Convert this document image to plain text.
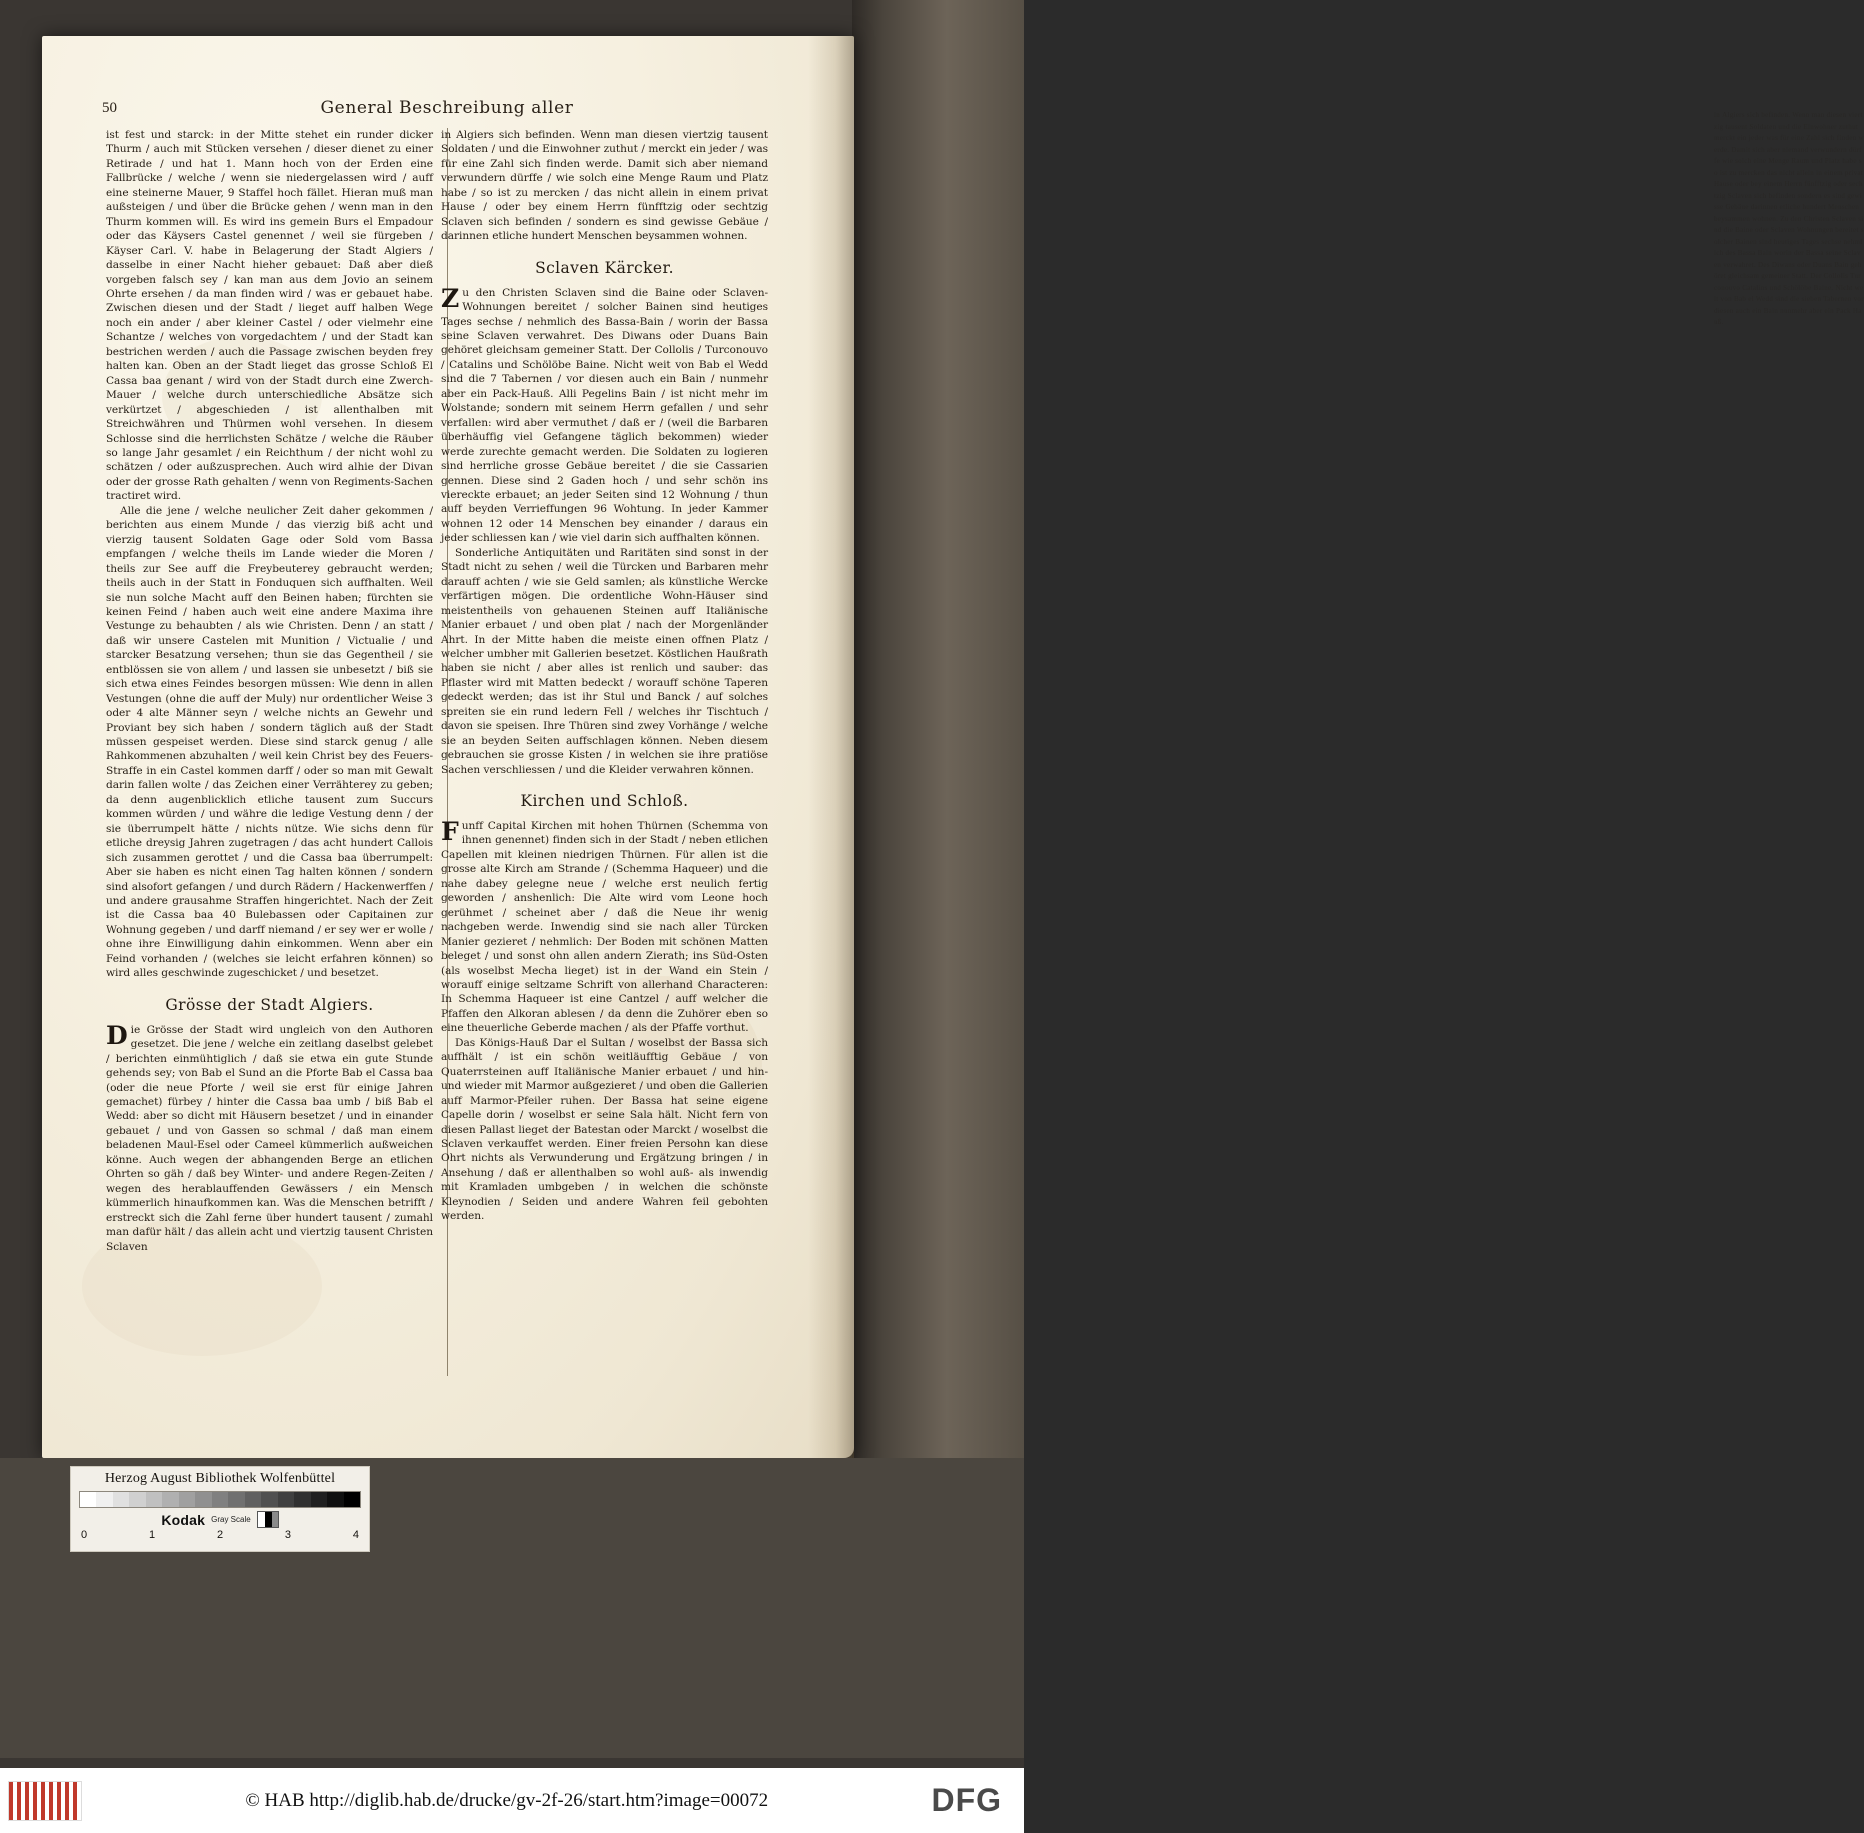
in Algiers sich befinden. Wenn man diesen viertzig tausent Soldaten und die Einwohner zuthut merckt ein jeder was für eine Zahl sich finden werde. Damit sich aber niemand verwundern dürffe wie solch eine Menge Raum und Platz habe so ist zu mercken das nicht allein in einem privat Hause oder bey einem Herrn fünfftzig oder sechtzig Sclaven sich befinden sondern es sind gewisse Gebäue darinnen etliche hundert Menschen beysammen wohnen. Zu den Christen Sclaven sind die Baine oder Sclaven Wohnungen bereitet solcher Bainen sind heutiges Tages sechse nehmlich des Bassa Bain worin der Bassa seine Sclaven verwahret. Des Diwans oder Duans Bain gehöret gleichsam gemeiner Statt. Der Collolis Turconouvo Catalins und Schölöbe Baine. Nicht weit von Bab el Wedd sind die sieben Tabernen vor diesen auch ein Bain nunmehr aber ein Pack Hauß.
50	General Beschreibung aller

ist fest und starck: in der Mitte stehet ein runder dicker Thurm / auch mit Stücken versehen / dieser dienet zu einer Retirade / und hat 1. Mann hoch von der Erden eine Fallbrücke / welche / wenn sie niedergelassen wird / auff eine steinerne Mauer, 9 Staffel hoch fället. Hieran muß man außsteigen / und über die Brücke gehen / wenn man in den Thurm kommen will. Es wird ins gemein Burs el Empadour oder das Käysers Castel genennet / weil sie fürgeben / Käyser Carl. V. habe in Belagerung der Stadt Algiers / dasselbe in einer Nacht hieher gebauet: Daß aber dieß vorgeben falsch sey / kan man aus dem Jovio an seinem Ohrte ersehen / da man finden wird / was er gebauet habe. Zwischen diesen und der Stadt / lieget auff halben Wege noch ein ander / aber kleiner Castel / oder vielmehr eine Schantze / welches von vorgedachtem / und der Stadt kan bestrichen werden / auch die Passage zwischen beyden frey halten kan. Oben an der Stadt lieget das grosse Schloß El Cassa baa genant / wird von der Stadt durch eine Zwerch-Mauer / welche durch unterschiedliche Absätze sich verkürtzet / abgeschieden / ist allenthalben mit Streichwähren und Thürmen wohl versehen. In diesem Schlosse sind die herrlichsten Schätze / welche die Räuber so lange Jahr gesamlet / ein Reichthum / der nicht wohl zu schätzen / oder außzusprechen. Auch wird alhie der Divan oder der grosse Rath gehalten / wenn von Regiments-Sachen tractiret wird.

Alle die jene / welche neulicher Zeit daher gekommen / berichten aus einem Munde / das vierzig biß acht und vierzig tausent Soldaten Gage oder Sold vom Bassa empfangen / welche theils im Lande wieder die Moren / theils zur See auff die Freybeuterey gebraucht werden; theils auch in der Statt in Fonduquen sich auffhalten. Weil sie nun solche Macht auff den Beinen haben; fürchten sie keinen Feind / haben auch weit eine andere Maxima ihre Vestunge zu behaubten / als wie Christen. Denn / an statt / daß wir unsere Castelen mit Munition / Victualie / und starcker Besatzung versehen; thun sie das Gegentheil / sie entblössen sie von allem / und lassen sie unbesetzt / biß sie sich etwa eines Feindes besorgen müssen: Wie denn in allen Vestungen (ohne die auff der Muly) nur ordentlicher Weise 3 oder 4 alte Männer seyn / welche nichts an Gewehr und Proviant bey sich haben / sondern täglich auß der Stadt müssen gespeiset werden. Diese sind starck genug / alle Rahkommenen abzuhalten / weil kein Christ bey des Feuers-Straffe in ein Castel kommen darff / oder so man mit Gewalt darin fallen wolte / das Zeichen einer Verrähterey zu geben; da denn augenblicklich etliche tausent zum Succurs kommen würden / und währe die ledige Vestung denn / der sie überrumpelt hätte / nichts nütze. Wie sichs denn für etliche dreysig Jahren zugetragen / das acht hundert Callois sich zusammen gerottet / und die Cassa baa überrumpelt: Aber sie haben es nicht einen Tag halten können / sondern sind alsofort gefangen / und durch Rädern / Hackenwerffen / und andere grausahme Straffen hingerichtet. Nach der Zeit ist die Cassa baa 40 Bulebassen oder Capitainen zur Wohnung gegeben / und darff niemand / er sey wer er wolle / ohne ihre Einwilligung dahin einkommen. Wenn aber ein Feind vorhanden / (welches sie leicht erfahren können) so wird alles geschwinde zugeschicket / und besetzet.

Grösse der Stadt Algiers.

Die Grösse der Stadt wird ungleich von den Authoren gesetzet. Die jene / welche ein zeitlang daselbst gelebet / berichten einmühtiglich / daß sie etwa ein gute Stunde gehends sey; von Bab el Sund an die Pforte Bab el Cassa baa (oder die neue Pforte / weil sie erst für einige Jahren gemachet) fürbey / hinter die Cassa baa umb / biß Bab el Wedd: aber so dicht mit Häusern besetzet / und in einander gebauet / und von Gassen so schmal / daß man einem beladenen Maul-Esel oder Cameel kümmerlich außweichen könne. Auch wegen der abhangenden Berge an etlichen Ohrten so gäh / daß bey Winter- und andere Regen-Zeiten / wegen des herablauffenden Gewässers / ein Mensch kümmerlich hinaufkommen kan. Was die Menschen betrifft / erstreckt sich die Zahl ferne über hundert tausent / zumahl man dafür hält / das allein acht und viertzig tausent Christen Sclaven

in Algiers sich befinden. Wenn man diesen viertzig tausent Soldaten / und die Einwohner zuthut / merckt ein jeder / was für eine Zahl sich finden werde. Damit sich aber niemand verwundern dürffe / wie solch eine Menge Raum und Platz habe / so ist zu mercken / das nicht allein in einem privat Hause / oder bey einem Herrn fünfftzig oder sechtzig Sclaven sich befinden / sondern es sind gewisse Gebäue / darinnen etliche hundert Menschen beysammen wohnen.

Sclaven Kärcker.

Zu den Christen Sclaven sind die Baine oder Sclaven-Wohnungen bereitet / solcher Bainen sind heutiges Tages sechse / nehmlich des Bassa-Bain / worin der Bassa seine Sclaven verwahret. Des Diwans oder Duans Bain gehöret gleichsam gemeiner Statt. Der Collolis / Turconouvo / Catalins und Schölöbe Baine. Nicht weit von Bab el Wedd sind die 7 Tabernen / vor diesen auch ein Bain / nunmehr aber ein Pack-Hauß. Alli Pegelins Bain / ist nicht mehr im Wolstande; sondern mit seinem Herrn gefallen / und sehr verfallen: wird aber vermuthet / daß er / (weil die Barbaren überhäuffig viel Gefangene täglich bekommen) wieder werde zurechte gemacht werden. Die Soldaten zu logieren sind herrliche grosse Gebäue bereitet / die sie Cassarien gennen. Diese sind 2 Gaden hoch / und sehr schön ins viereckte erbauet; an jeder Seiten sind 12 Wohnung / thun auff beyden Verrieffungen 96 Wohtung. In jeder Kammer wohnen 12 oder 14 Menschen bey einander / daraus ein jeder schliessen kan / wie viel darin sich auffhalten können.

Sonderliche Antiquitäten und Raritäten sind sonst in der Stadt nicht zu sehen / weil die Türcken und Barbaren mehr darauff achten / wie sie Geld samlen; als künstliche Wercke verfärtigen mögen. Die ordentliche Wohn-Häuser sind meistentheils von gehauenen Steinen auff Italiänische Manier erbauet / und oben plat / nach der Morgenländer Ahrt. In der Mitte haben die meiste einen offnen Platz / welcher umbher mit Gallerien besetzet. Köstlichen Haußrath haben sie nicht / aber alles ist renlich und sauber: das Pflaster wird mit Matten bedeckt / worauff schöne Taperen gedeckt werden; das ist ihr Stul und Banck / auf solches spreiten sie ein rund ledern Fell / welches ihr Tischtuch / davon sie speisen. Ihre Thüren sind zwey Vorhänge / welche sie an beyden Seiten auffschlagen können. Neben diesem gebrauchen sie grosse Kisten / in welchen sie ihre pratiöse Sachen verschliessen / und die Kleider verwahren können.

Kirchen und Schloß.

Funff Capital Kirchen mit hohen Thürnen (Schemma von ihnen genennet) finden sich in der Stadt / neben etlichen Capellen mit kleinen niedrigen Thürnen. Für allen ist die grosse alte Kirch am Strande / (Schemma Haqueer) und die nahe dabey gelegne neue / welche erst neulich fertig geworden / anshenlich: Die Alte wird vom Leone hoch gerühmet / scheinet aber / daß die Neue ihr wenig nachgeben werde. Inwendig sind sie nach aller Türcken Manier gezieret / nehmlich: Der Boden mit schönen Matten beleget / und sonst ohn allen andern Zierath; ins Süd-Osten (als woselbst Mecha lieget) ist in der Wand ein Stein / worauff einige seltzame Schrift von allerhand Characteren: In Schemma Haqueer ist eine Cantzel / auff welcher die Pfaffen den Alkoran ablesen / da denn die Zuhörer eben so eine theuerliche Geberde machen / als der Pfaffe vorthut.

Das Königs-Hauß Dar el Sultan / woselbst der Bassa sich auffhält / ist ein schön weitläufftig Gebäue / von Quaterrsteinen auff Italiänische Manier erbauet / und hin- und wieder mit Marmor außgezieret / und oben die Gallerien auff Marmor-Pfeiler ruhen. Der Bassa hat seine eigene Capelle dorin / woselbst er seine Sala hält. Nicht fern von diesen Pallast lieget der Batestan oder Marckt / woselbst die Sclaven verkauffet werden. Einer freien Persohn kan diese Ohrt nichts als Verwunderung und Ergätzung bringen / in Ansehung / daß er allenthalben so wohl auß- als inwendig mit Kramladen umbgeben / in welchen die schönste Kleynodien / Seiden und andere Wahren feil gebohten werden.

Herzog August Bibliothek Wolfenbüttel
Kodak Gray Scale
0	1	2	3	4
© HAB http://diglib.hab.de/drucke/gv-2f-26/start.htm?image=00072	DFG
